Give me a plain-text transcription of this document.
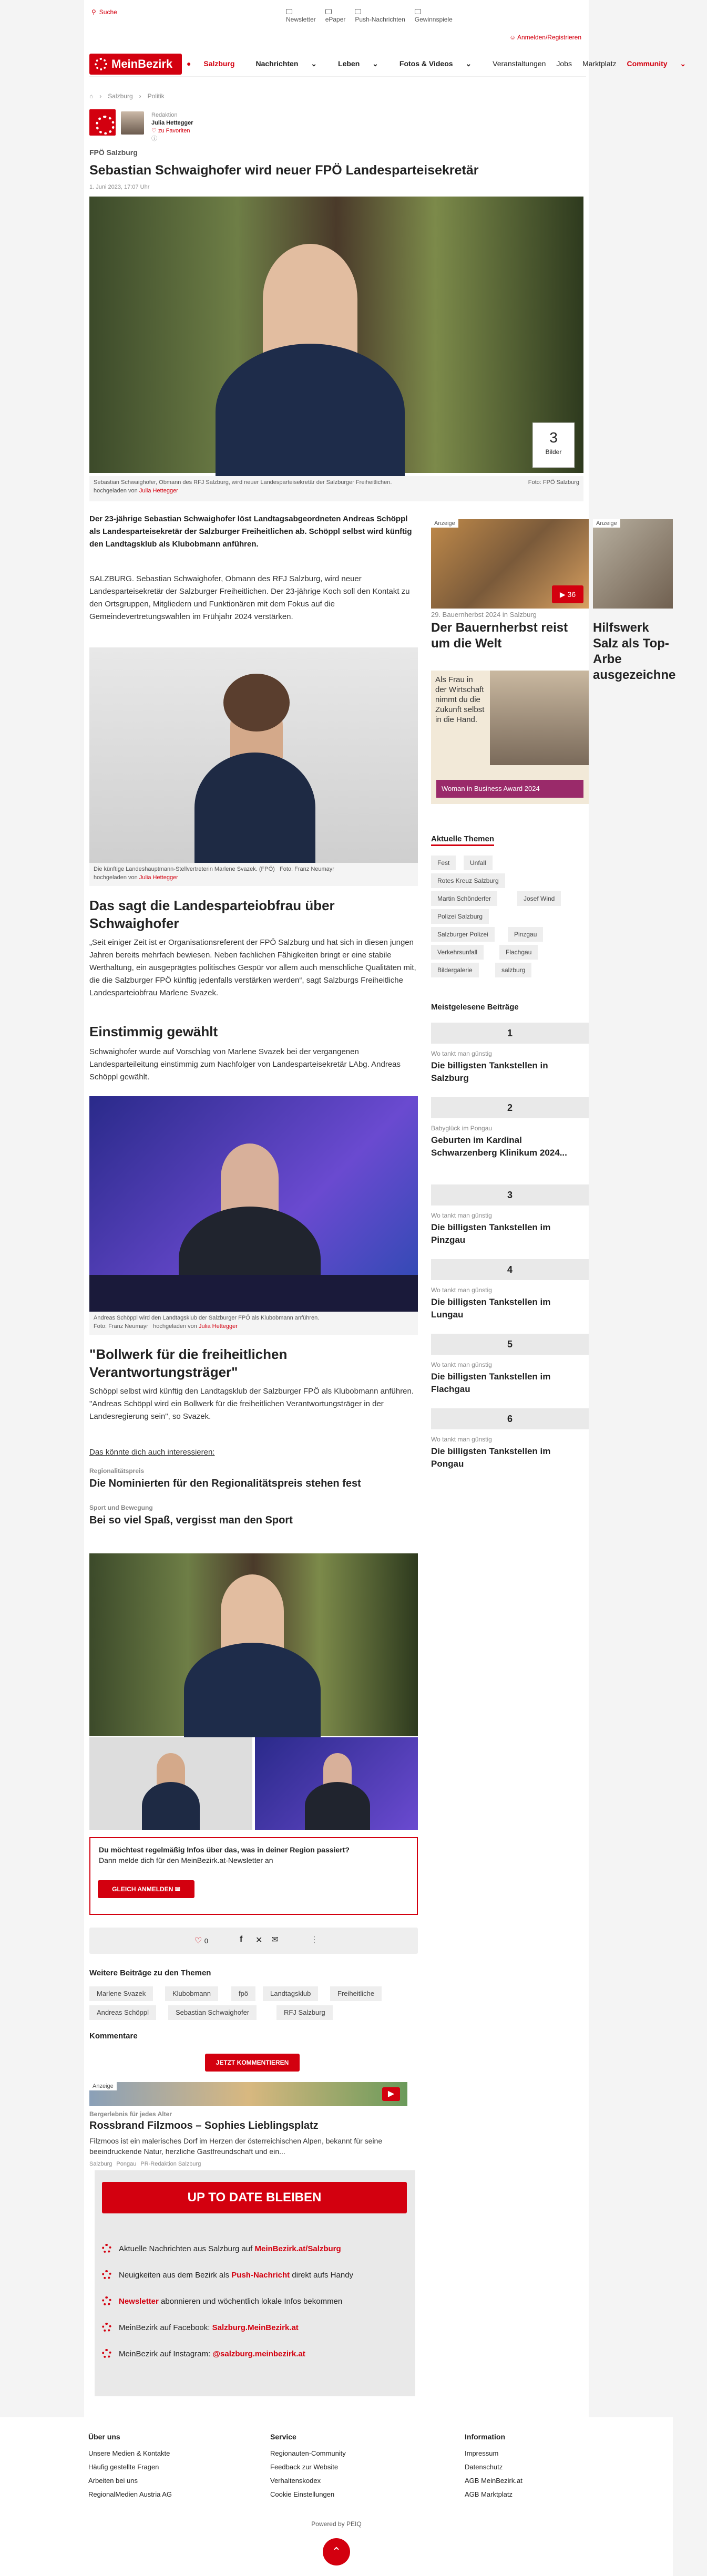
⚲ Suche
Newsletter ePaper Push-Nachrichten Gewinnspiele
☺ Anmelden/Registrieren
MeinBezirk ● Salzburg	Nachrichten ⌄	Leben ⌄	Fotos & Videos ⌄	Veranstaltungen Jobs Marktplatz Community ⌄
⌂ › Salzburg › Politik
Redaktion
Julia Hettegger
♡ zu Favoriten ⓘ
FPÖ Salzburg
Sebastian Schwaighofer wird neuer FPÖ Landesparteisekretär
1. Juni 2023, 17:07 Uhr
3
Bilder
Sebastian Schwaighofer, Obmann des RFJ Salzburg, wird neuer Landesparteisekretär der Salzburger Freiheitlichen.	Foto: FPÖ Salzburg

hochgeladen von Julia Hettegger
Der 23-jährige Sebastian Schwaighofer löst Landtagsabgeordneten Andreas Schöppl als Landesparteisekretär der Salzburger Freiheitlichen ab. Schöppl selbst wird künftig den Landtagsklub als Klubobmann anführen.
SALZBURG. Sebastian Schwaighofer, Obmann des RFJ Salzburg, wird neuer Landesparteisekretär der Salzburger Freiheitlichen. Der 23-jährige Koch soll den Kontakt zu den Ortsgruppen, Mitgliedern und Funktionären mit dem Fokus auf die Gemeindevertretungswahlen im Frühjahr 2024 verstärken.
Die künftige Landeshauptmann-Stellvertreterin Marlene Svazek. (FPÖ) Foto: Franz Neumayr
hochgeladen von Julia Hettegger
Das sagt die Landesparteiobfrau über Schwaighofer
„Seit einiger Zeit ist er Organisationsreferent der FPÖ Salzburg und hat sich in diesen jungen Jahren bereits mehrfach bewiesen. Neben fachlichen Fähigkeiten bringt er eine stabile Werthaltung, ein ausgeprägtes politisches Gespür vor allem auch menschliche Qualitäten mit, die die Salzburger FPÖ künftig jedenfalls verstärken werden“, sagt Salzburgs Freiheitliche Landesparteiobfrau Marlene Svazek.
Einstimmig gewählt
Schwaighofer wurde auf Vorschlag von Marlene Svazek bei der vergangenen Landesparteileitung einstimmig zum Nachfolger von Landesparteisekretär LAbg. Andreas Schöppl gewählt.
Andreas Schöppl wird den Landtagsklub der Salzburger FPÖ als Klubobmann anführen.
Foto: Franz Neumayr hochgeladen von Julia Hettegger
"Bollwerk für die freiheitlichen Verantwortungsträger"
Schöppl selbst wird künftig den Landtagsklub der Salzburger FPÖ als Klubobmann anführen. "Andreas Schöppl wird ein Bollwerk für die freiheitlichen Verantwortungsträger in der Landesregierung sein", so Svazek.
Das könnte dich auch interessieren:
Regionalitätspreis
Die Nominierten für den Regionalitätspreis stehen fest
Sport und Bewegung
Bei so viel Spaß, vergisst man den Sport
Du möchtest regelmäßig Infos über das, was in deiner Region passiert?
Dann melde dich für den MeinBezirk.at-Newsletter an
GLEICH ANMELDEN ✉
♡ 0	f ✕ ✉	⋮
Weitere Beiträge zu den Themen
Marlene Svazek	Klubobmann	fpö	Landtagsklub	Freiheitliche
Andreas Schöppl	Sebastian Schwaighofer	RFJ Salzburg
Kommentare
JETZT KOMMENTIEREN
Anzeige
▶
Bergerlebnis für jedes Alter
Rossbrand Filzmoos – Sophies Lieblingsplatz
Filzmoos ist ein malerisches Dorf im Herzen der österreichischen Alpen, bekannt für seine beeindruckende Natur, herzliche Gastfreundschaft und ein...
Salzburg Pongau PR-Redaktion Salzburg
UP TO DATE BLEIBEN
Aktuelle Nachrichten aus Salzburg auf MeinBezirk.at/Salzburg
Neuigkeiten aus dem Bezirk als Push-Nachricht direkt aufs Handy
Newsletter abonnieren und wöchentlich lokale Infos bekommen
MeinBezirk auf Facebook: Salzburg.MeinBezirk.at
MeinBezirk auf Instagram: @salzburg.meinbezirk.at
Anzeige
▶ 36
29. Bauernherbst 2024 in Salzburg
Der Bauernherbst reist um die Welt
Als Frau in der Wirtschaft nimmt du die Zukunft selbst in die Hand.
Woman in Business Award 2024
Aktuelle Themen
Fest	Unfall
Rotes Kreuz Salzburg
Martin Schönderfer	Josef Wind
Polizei Salzburg
Salzburger Polizei	Pinzgau
Verkehrsunfall	Flachgau
Bildergalerie	salzburg
Meistgelesene Beiträge
1
Wo tankt man günstig
Die billigsten Tankstellen in Salzburg
2
Babyglück im Pongau
Geburten im Kardinal Schwarzenberg Klinikum 2024...
3
Wo tankt man günstig
Die billigsten Tankstellen im Pinzgau
4
Wo tankt man günstig
Die billigsten Tankstellen im Lungau
5
Wo tankt man günstig
Die billigsten Tankstellen im Flachgau
6
Wo tankt man günstig
Die billigsten Tankstellen im Pongau
Anzeige
Hilfswerk Salz als Top-Arbe ausgezeichne
Über uns
Unsere Medien & Kontakte
Häufig gestellte Fragen
Arbeiten bei uns
RegionalMedien Austria AG
Service
Regionauten-Community
Feedback zur Website
Verhaltenskodex
Cookie Einstellungen
Information
Impressum
Datenschutz
AGB MeinBezirk.at
AGB Marktplatz
Powered by PEIQ
⌃
